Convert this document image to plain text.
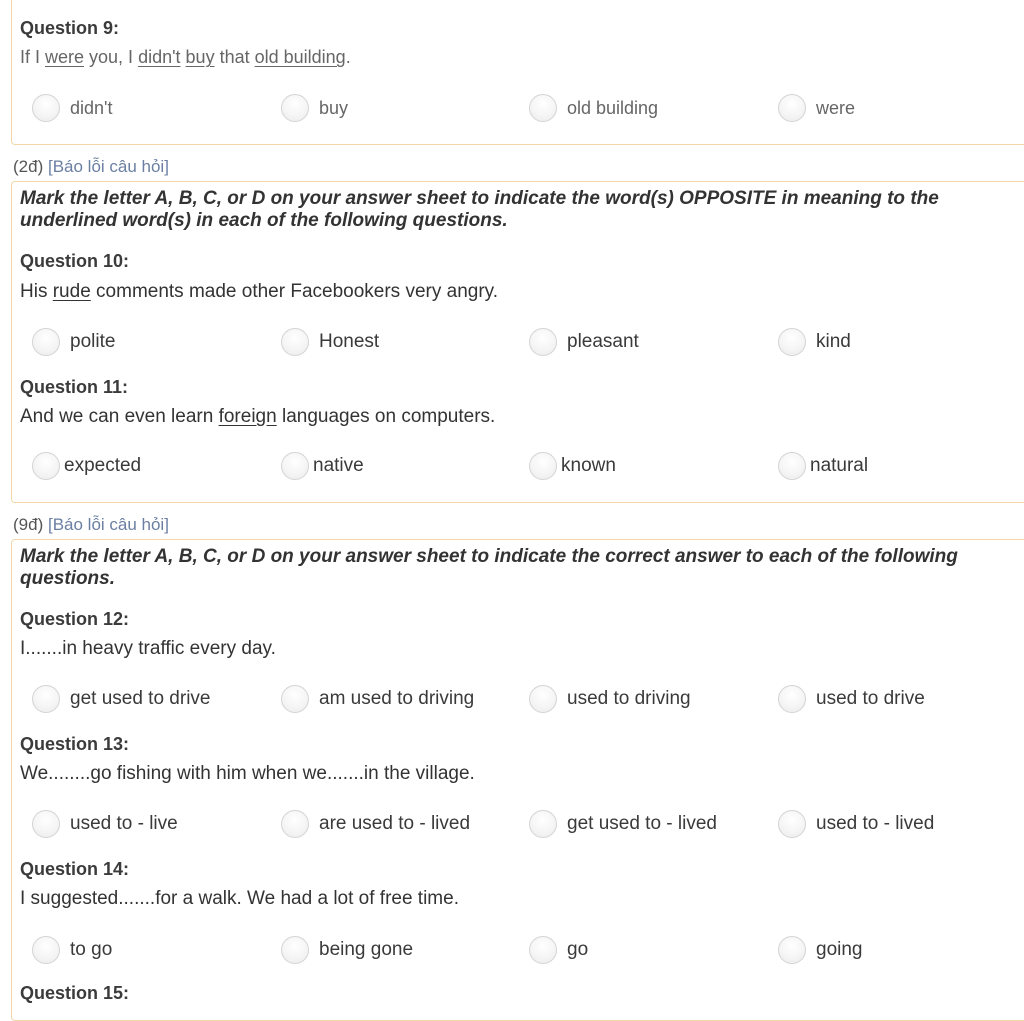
Question 9:
If I were you, I didn't buy that old building.
didn't	buy	old building	were
(2đ) [Báo lỗi câu hỏi]
Mark the letter A, B, C, or D on your answer sheet to indicate the word(s) OPPOSITE in meaning to the underlined word(s) in each of the following questions.
Question 10:
His rude comments made other Facebookers very angry.
polite	Honest	pleasant	kind
Question 11:
And we can even learn foreign languages on computers.
expected	native	known	natural
(9đ) [Báo lỗi câu hỏi]
Mark the letter A, B, C, or D on your answer sheet to indicate the correct answer to each of the following questions.
Question 12:
I.......in heavy traffic every day.
get used to drive	am used to driving	used to driving	used to drive
Question 13:
We........go fishing with him when we.......in the village.
used to - live	are used to - lived	get used to - lived	used to - lived
Question 14:
I suggested.......for a walk. We had a lot of free time.
to go	being gone	go	going
Question 15:
